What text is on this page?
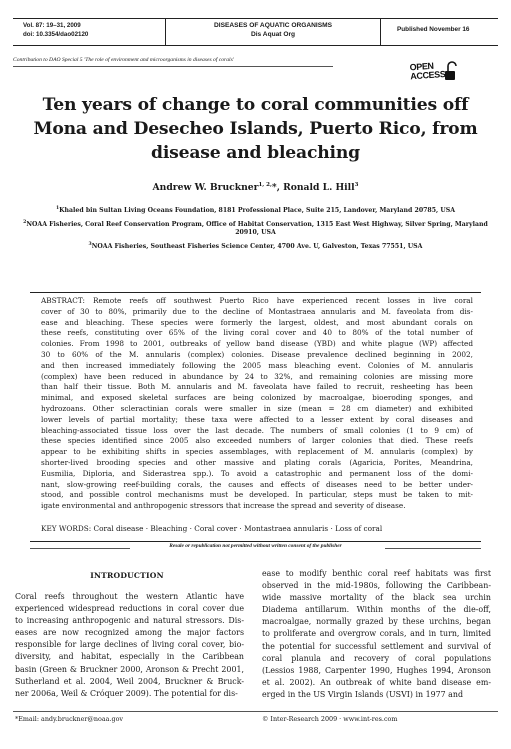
Vol. 87: 19–31, 2009
doi: 10.3354/dao02120
DISEASES OF AQUATIC ORGANISMS
Dis Aquat Org
Published November 16
Contribution to DAO Special 5 'The role of environment and microorganisms in diseases of corals'
OPEN
ACCESS
Ten years of change to coral communities off Mona and Desecheo Islands, Puerto Rico, from disease and bleaching
Andrew W. Bruckner$^{1, 2,}$*, Ronald L. Hill$^3$
$^1$Khaled bin Sultan Living Oceans Foundation, 8181 Professional Place, Suite 215, Landover, Maryland 20785, USA
$^2$NOAA Fisheries, Coral Reef Conservation Program, Office of Habitat Conservation, 1315 East West Highway, Silver Spring, Maryland 20910, USA
$^3$NOAA Fisheries, Southeast Fisheries Science Center, 4700 Ave. U, Galveston, Texas 77551, USA
ABSTRACT: Remote reefs off southwest Puerto Rico have experienced recent losses in live coral
cover of 30 to 80%, primarily due to the decline of Montastraea annularis and M. faveolata from dis-
ease and bleaching. These species were formerly the largest, oldest, and most abundant corals on
these reefs, constituting over 65% of the living coral cover and 40 to 80% of the total number of
colonies. From 1998 to 2001, outbreaks of yellow band disease (YBD) and white plague (WP) affected
30 to 60% of the M. annularis (complex) colonies. Disease prevalence declined beginning in 2002,
and then increased immediately following the 2005 mass bleaching event. Colonies of M. annularis
(complex) have been reduced in abundance by 24 to 32%, and remaining colonies are missing more
than half their tissue. Both M. annularis and M. faveolata have failed to recruit, resheeting has been
minimal, and exposed skeletal surfaces are being colonized by macroalgae, bioeroding sponges, and
hydrozoans. Other scleractinian corals were smaller in size (mean = 28 cm diameter) and exhibited
lower levels of partial mortality; these taxa were affected to a lesser extent by coral diseases and
bleaching-associated tissue loss over the last decade. The numbers of small colonies (1 to 9 cm) of
these species identified since 2005 also exceeded numbers of larger colonies that died. These reefs
appear to be exhibiting shifts in species assemblages, with replacement of M. annularis (complex) by
shorter-lived brooding species and other massive and plating corals (Agaricia, Porites, Meandrina,
Eusmilia, Diploria, and Siderastrea spp.). To avoid a catastrophic and permanent loss of the domi-
nant, slow-growing reef-building corals, the causes and effects of diseases need to be better under-
stood, and possible control mechanisms must be developed. In particular, steps must be taken to mit-
igate environmental and anthropogenic stressors that increase the spread and severity of disease.
KEY WORDS: Coral disease · Bleaching · Coral cover · Montastraea annularis · Loss of coral
Resale or republication not permitted without written consent of the publisher
INTRODUCTION
Coral reefs throughout the western Atlantic have
experienced widespread reductions in coral cover due
to increasing anthropogenic and natural stressors. Dis-
eases are now recognized among the major factors
responsible for large declines of living coral cover, bio-
diversity, and habitat, especially in the Caribbean
basin (Green & Bruckner 2000, Aronson & Precht 2001,
Sutherland et al. 2004, Weil 2004, Bruckner & Bruck-
ner 2006a, Weil & Cróquer 2009). The potential for dis-
ease to modify benthic coral reef habitats was first
observed in the mid-1980s, following the Caribbean-
wide massive mortality of the black sea urchin
Diadema antillarum. Within months of the die-off,
macroalgae, normally grazed by these urchins, began
to proliferate and overgrow corals, and in turn, limited
the potential for successful settlement and survival of
coral planula and recovery of coral populations
(Lessios 1988, Carpenter 1990, Hughes 1994, Aronson
et al. 2002). An outbreak of white band disease em-
erged in the US Virgin Islands (USVI) in 1977 and
*Email: andy.bruckner@noaa.gov	© Inter-Research 2009 · www.int-res.com
